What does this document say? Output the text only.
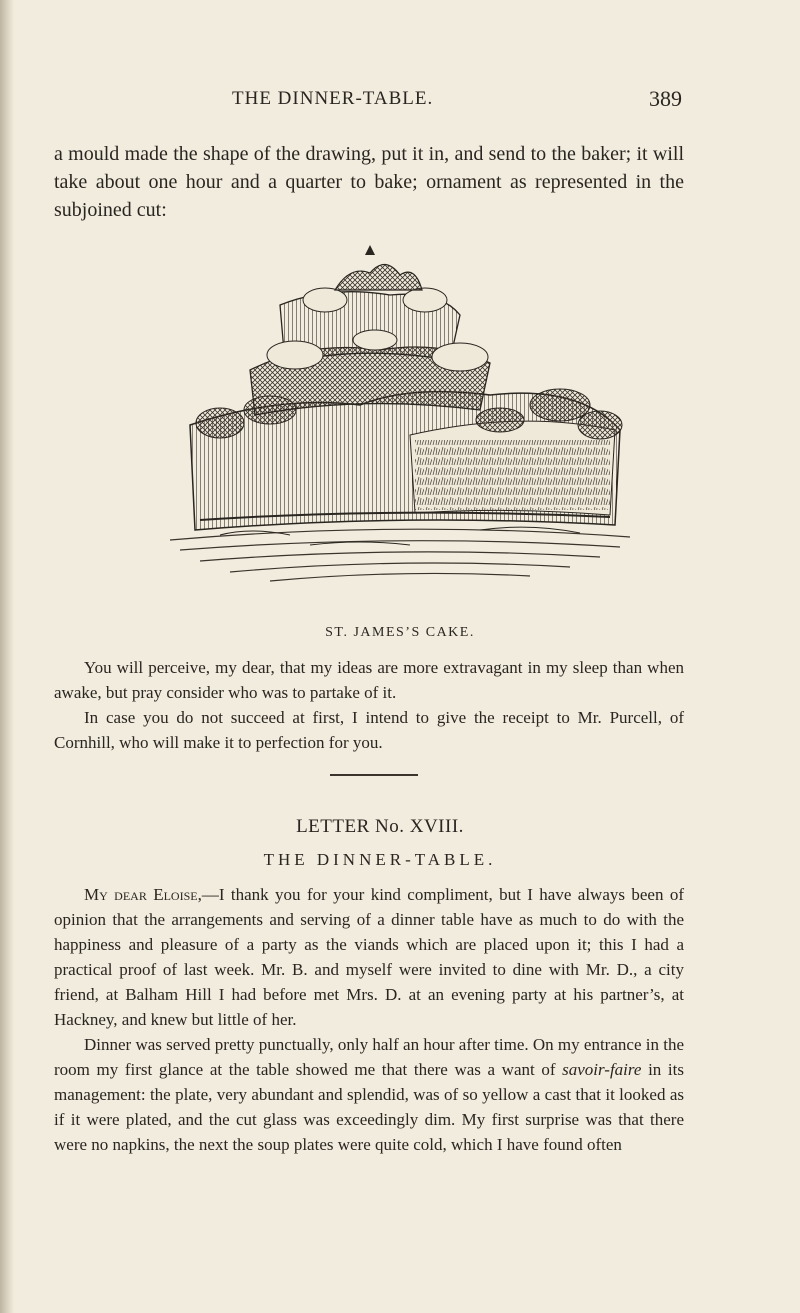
THE DINNER-TABLE.	389

a mould made the shape of the drawing, put it in, and send to the baker; it will take about one hour and a quarter to bake; ornament as represented in the subjoined cut:

ST. JAMES’S CAKE.

You will perceive, my dear, that my ideas are more extravagant in my sleep than when awake, but pray consider who was to partake of it.

In case you do not succeed at first, I intend to give the receipt to Mr. Purcell, of Cornhill, who will make it to perfection for you.

LETTER No. XVIII.
THE DINNER-TABLE.

My dear Eloise,—I thank you for your kind compliment, but I have always been of opinion that the arrangements and serving of a dinner table have as much to do with the happiness and pleasure of a party as the viands which are placed upon it; this I had a practical proof of last week. Mr. B. and myself were invited to dine with Mr. D., a city friend, at Balham Hill I had before met Mrs. D. at an evening party at his partner’s, at Hackney, and knew but little of her.

Dinner was served pretty punctually, only half an hour after time. On my entrance in the room my first glance at the table showed me that there was a want of savoir-faire in its management: the plate, very abundant and splendid, was of so yellow a cast that it looked as if it were plated, and the cut glass was exceedingly dim. My first surprise was that there were no napkins, the next the soup plates were quite cold, which I have found often
